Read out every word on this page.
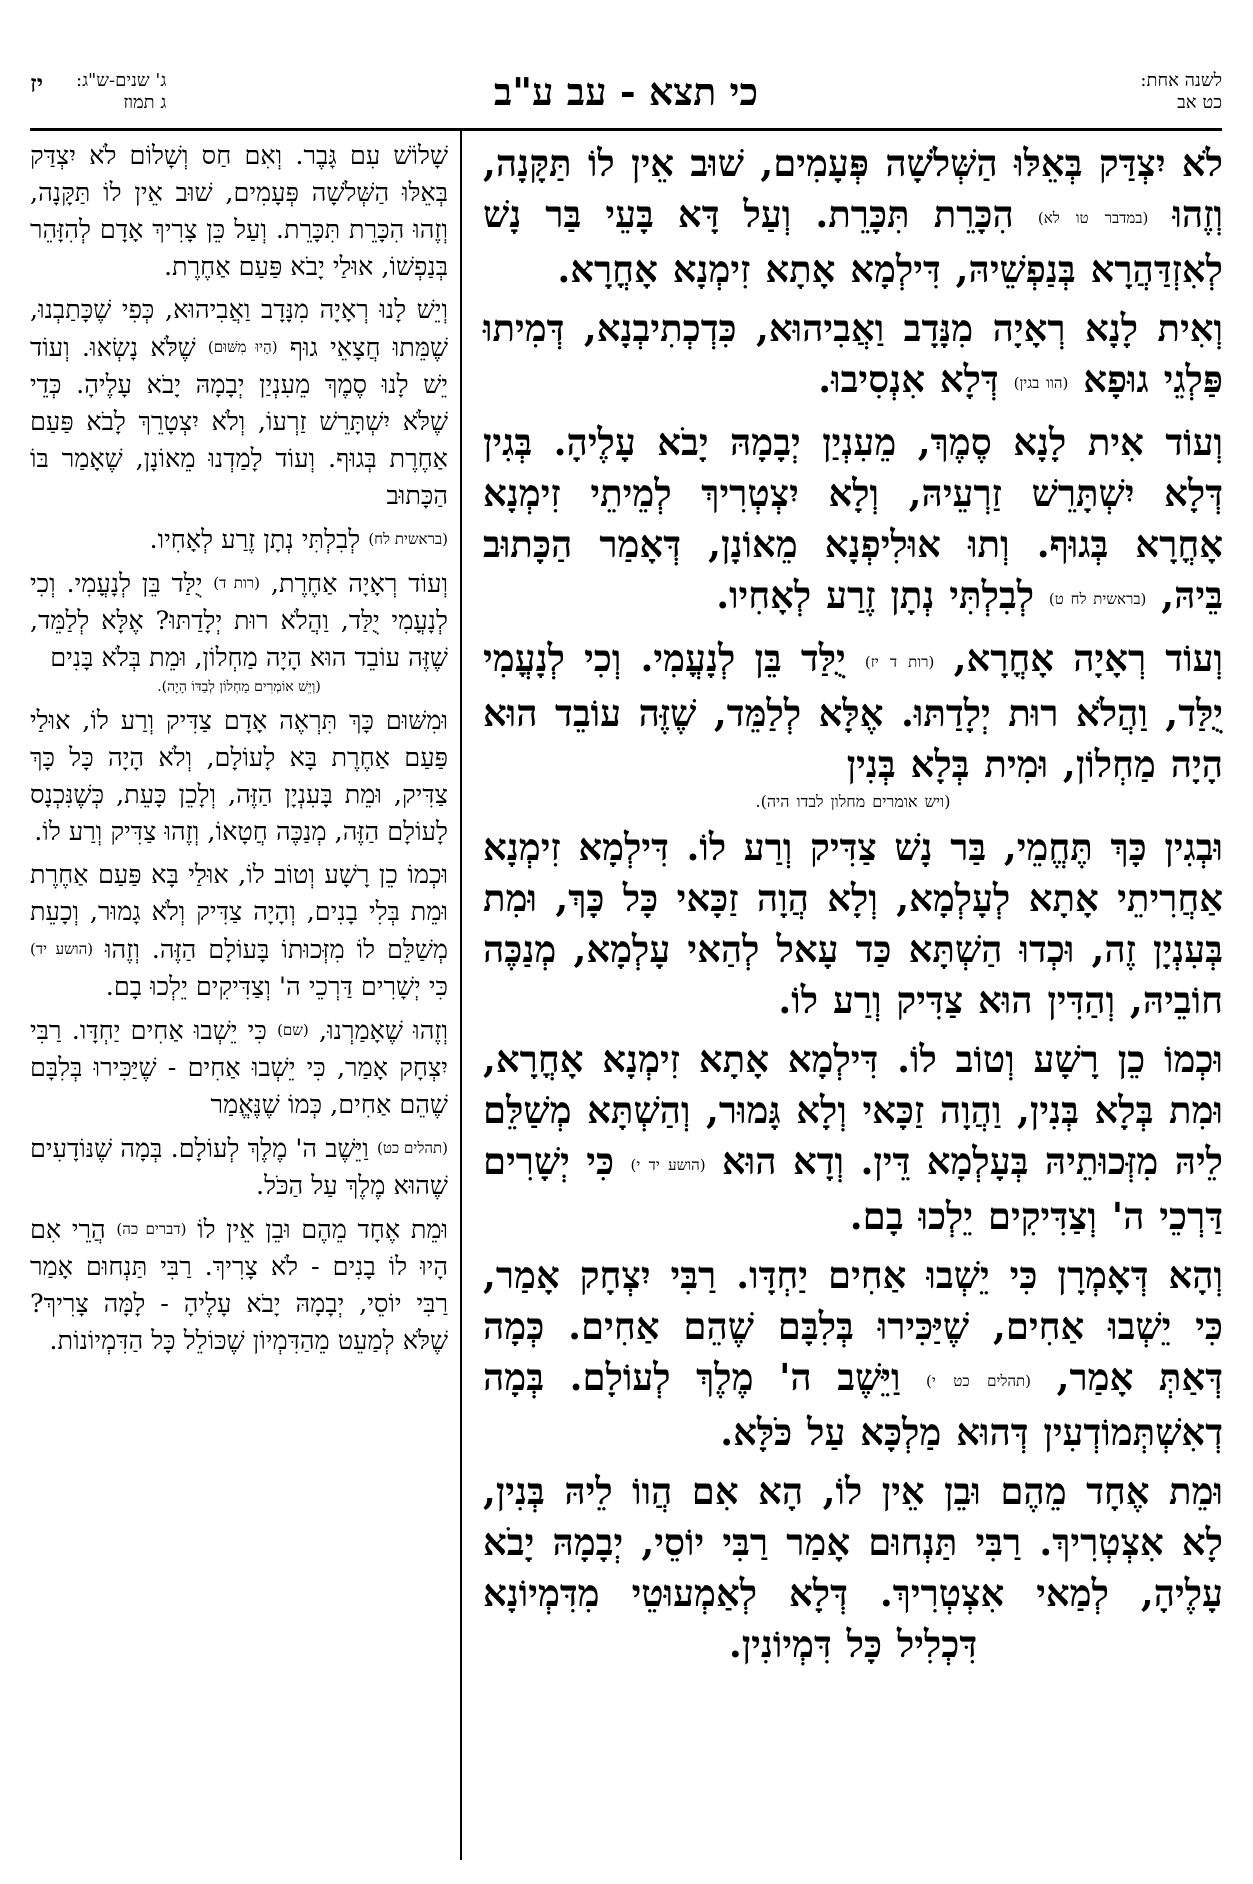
לשנה אחת:
כט אב
כי תצא - עב ע"ב
ג' שנים-ש"ג:
ג תמוז
יז
לֹא יִצְדַּק בְּאֵלּוּ הַשְּׁלֹשָׁה פְּעָמִים, שׁוּב אֵין לוֹ תַּקָּנָה, וְזֶהוּ (במדבר טו לא) הִכָּרֵת תִּכָּרֵת. וְעַל דָּא בָּעֵי בַּר נָשׁ לְאִזְדַּהֲרָא בְּנַפְשֵׁיהּ, דִּילְמָא אָתָא זִימְנָא אָחֳרָא.
וְאִית לָנָא רְאָיָה מִנָּדָב וַאֲבִיהוּא, כִּדְכְתִיבְנָא, דְּמִיתוּ פַּלְגֵי גוּפָא (הוו בגין) דְּלָא אִנְסִיבוּ.
וְעוֹד אִית לָנָא סֶמֶךְ, מֵעִנְיַן יְבָמָהּ יָבֹא עָלֶיהָ. בְּגִין דְּלָא יִשְׁתָּרֵשׁ זַרְעֵיהּ, וְלָא יִצְטְרִיךְ לְמֵיתֵי זִימְנָא אָחֳרָא בְּגוּף. וְתוּ אוּלִיפְנָא מֵאוֹנָן, דְּאָמַר הַכָּתוּב בֵּיהּ, (בראשית לח ט) לְבִלְתִּי נְתָן זֶרַע לְאָחִיו.
וְעוֹד רְאָיָה אָחֳרָא, (רות ד יז) יֻלַּד בֵּן לְנָעֳמִי. וְכִי לְנָעֳמִי יֻלַּד, וַהֲלֹא רוּת יְלָדַתּוּ. אֶלָּא לְלַמֵּד, שֶׁזֶּה עוֹבֵד הוּא הָיָה מַחְלוֹן, וּמִית בְּלָא בְּנִין
(ויש אומרים מחלון לבדו היה).
וּבְגִין כָּךְ תֶּחֱמֵי, בַּר נָשׁ צַדִּיק וְרַע לוֹ. דִּילְמָא זִימְנָא אַחֲרִיתֵי אָתָא לְעָלְמָא, וְלָא הֲוָה זַכָּאי כָּל כָּךְ, וּמִת בְּעִנְיָן זֶה, וּכְדוּ הַשְׁתָּא כַּד עָאל לְהַאי עָלְמָא, מְנַכֶּה חוֹבֵיהּ, וְהַדִּין הוּא צַדִּיק וְרַע לוֹ.
וּכְמוֹ כֵן רָשָׁע וְטוֹב לוֹ. דִּילְמָא אָתָא זִימְנָא אָחֳרָא, וּמִת בְּלָא בְּנִין, וַהֲוָה זַכָּאי וְלָא גָּמוּר, וְהַשְׁתָּא מְשַׁלֵּם לֵיהּ מִזְּכוּתֵיהּ בְּעָלְמָא דֵּין. וְדָא הוּא (הושע יד י) כִּי יְשָׁרִים דַּרְכֵי ה' וְצַדִּיקִים יֵלְכוּ בָם.
וְהָא דְּאָמְרָן כִּי יֵשְׁבוּ אַחִים יַחְדָּו. רַבִּי יִצְחָק אָמַר, כִּי יֵשְׁבוּ אַחִים, שֶׁיַּכִּירוּ בְּלִבָּם שֶׁהֵם אַחִים. כְּמָה דְּאַתְּ אָמַר, (תהלים כט י) וַיֵּשֶׁב ה' מֶלֶךְ לְעוֹלָם. בְּמָה דְאִשְׁתְּמוֹדְעִין דְּהוּא מַלְכָּא עַל כֹּלָּא.
וּמֵת אֶחָד מֵהֶם וּבֵן אֵין לוֹ, הָא אִם הֲווֹ לֵיהּ בְּנִין, לָא אִצְטְרִיךְ. רַבִּי תַּנְחוּם אָמַר רַבִּי יוֹסֵי, יְבָמָהּ יָבֹא עָלֶיהָ, לְמַאי אִצְטְרִיךְ. דְּלָא לְאַמְעוּטֵי מִדִּמְיוֹנָא דִּכְלִיל כָּל דִּמְיוֹנִין.
שָׁלוֹשׁ עִם גָּבֶר. וְאִם חַס וְשָׁלוֹם לֹא יִצְדַּק בְּאֵלּוּ הַשְּׁלֹשָׁה פְּעָמִים, שׁוּב אֵין לוֹ תַּקָּנָה, וְזֶהוּ הִכָּרֵת תִּכָּרֵת. וְעַל כֵּן צָרִיךְ אָדָם לְהִזָּהֵר בְּנַפְשׁוֹ, אוּלַי יָבֹא פַּעַם אַחֶרֶת.
וְיֵשׁ לָנוּ רְאָיָה מִנָּדָב וַאֲבִיהוּא, כְּפִי שֶׁכָּתַבְנוּ, שֶׁמֵּתוּ חֲצָאֵי גוּף (הָיוּ מִשּׁוּם) שֶׁלֹּא נָשְׂאוּ. וְעוֹד יֵשׁ לָנוּ סֶמֶךְ מֵעִנְיַן יְבָמָהּ יָבֹא עָלֶיהָ. כְּדֵי שֶׁלֹּא יִשְׁתָּרֵשׁ זַרְעוֹ, וְלֹא יִצְטָרֵךְ לָבֹא פַּעַם אַחֶרֶת בְּגוּף. וְעוֹד לָמַדְנוּ מֵאוֹנָן, שֶׁאָמַר בּוֹ הַכָּתוּב
(בראשית לח) לְבִלְתִּי נְתָן זֶרַע לְאָחִיו.
וְעוֹד רְאָיָה אַחֶרֶת, (רות ד) יֻלַּד בֵּן לְנָעֳמִי. וְכִי לְנָעֳמִי יֻלַּד, וַהֲלֹא רוּת יְלָדַתּוּ? אֶלָּא לְלַמֵּד, שֶׁזֶּה עוֹבֵד הוּא הָיָה מַחְלוֹן, וּמֵת בְּלֹא בָּנִים
(וְיֵשׁ אוֹמְרִים מַחְלוֹן לְבַדּוֹ הָיָה).
וּמִשּׁוּם כָּךְ תִּרְאֶה אָדָם צַדִּיק וְרַע לוֹ, אוּלַי פַּעַם אַחֶרֶת בָּא לָעוֹלָם, וְלֹא הָיָה כָּל כָּךְ צַדִּיק, וּמֵת בָּעִנְיָן הַזֶּה, וְלָכֵן כָּעֵת, כְּשֶׁנִּכְנָס לָעוֹלָם הַזֶּה, מְנַכֶּה חֲטָאוֹ, וְזֶהוּ צַדִּיק וְרַע לוֹ.
וּכְמוֹ כֵן רָשָׁע וְטוֹב לוֹ, אוּלַי בָּא פַּעַם אַחֶרֶת וּמֵת בְּלִי בָנִים, וְהָיָה צַדִּיק וְלֹא גָמוּר, וְכָעֵת מְשַׁלֵּם לוֹ מִזְּכוּתוֹ בָּעוֹלָם הַזֶּה. וְזֶהוּ (הושע יד) כִּי יְשָׁרִים דַּרְכֵי ה' וְצַדִּיקִים יֵלְכוּ בָם.
וְזֶהוּ שֶׁאָמַרְנוּ, (שם) כִּי יֵשְׁבוּ אַחִים יַחְדָּו. רַבִּי יִצְחָק אָמַר, כִּי יֵשְׁבוּ אַחִים - שֶׁיַּכִּירוּ בְּלִבָּם שֶׁהֵם אַחִים, כְּמוֹ שֶׁנֶּאֱמַר
(תהלים כט) וַיֵּשֶׁב ה' מֶלֶךְ לְעוֹלָם. בְּמָה שֶׁנּוֹדָעִים שֶׁהוּא מֶלֶךְ עַל הַכֹּל.
וּמֵת אֶחָד מֵהֶם וּבֵן אֵין לוֹ (דברים כה) הֲרֵי אִם הָיוּ לוֹ בָנִים - לֹא צָרִיךְ. רַבִּי תַּנְחוּם אָמַר רַבִּי יוֹסֵי, יְבָמָהּ יָבֹא עָלֶיהָ - לָמָּה צָרִיךְ? שֶׁלֹּא לְמַעֵט מֵהַדִּמְיוֹן שֶׁכּוֹלֵל כָּל הַדִּמְיוֹנוֹת.
